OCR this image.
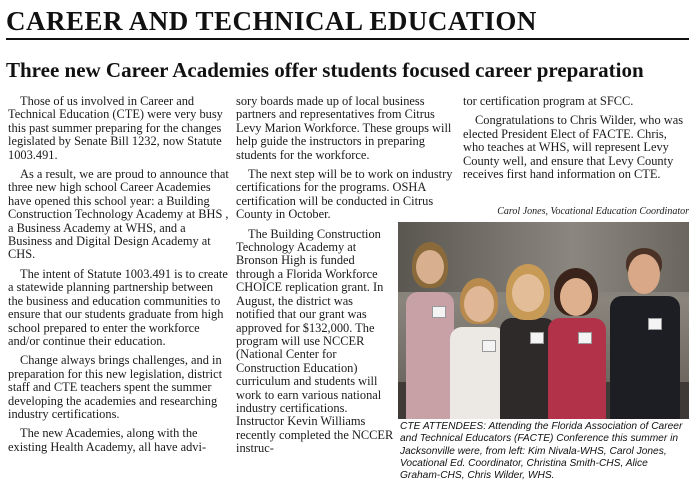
CAREER AND TECHNICAL EDUCATION
Three new Career Academies offer students focused career preparation

Those of us involved in Career and Technical Education (CTE) were very busy this past summer preparing for the changes legislated by Senate Bill 1232, now Statute 1003.491.

As a result, we are proud to announce that three new high school Career Academies have opened this school year: a Building Construction Technology Academy at BHS , a Business Academy at WHS, and a Business and Digital Design Academy at CHS.

The intent of Statute 1003.491 is to create a statewide planning partnership between the business and education communities to ensure that our students graduate from high school prepared to enter the workforce and/or continue their education.

Change always brings challenges, and in preparation for this new legislation, district staff and CTE teachers spent the summer developing the academies and researching industry certifications.

The new Academies, along with the existing Health Academy, all have advi-

sory boards made up of local business partners and representatives from Citrus Levy Marion Workforce. These groups will help guide the instructors in preparing students for the workforce.

The next step will be to work on industry certifications for the programs. OSHA certification will be conducted in Citrus County in October.

The Building Construction Technology Academy at Bronson High is funded through a Florida Workforce CHOICE replication grant. In August, the district was notified that our grant was approved for $132,000. The program will use NCCER (National Center for Construction Education) curriculum and students will work to earn various national industry certifications. Instructor Kevin Williams recently completed the NCCER instruc-

tor certification program at SFCC.

Congratulations to Chris Wilder, who was elected President Elect of FACTE. Chris, who teaches at WHS, will represent Levy County well, and ensure that Levy County receives first hand information on CTE.

Carol Jones, Vocational Education Coordinator
CTE ATTENDEES: Attending the Florida Association of Career and Technical Educators (FACTE) Conference this summer in Jacksonville were, from left: Kim Nivala-WHS, Carol Jones, Vocational Ed. Coordinator, Christina Smith-CHS, Alice Graham-CHS, Chris Wilder, WHS.
